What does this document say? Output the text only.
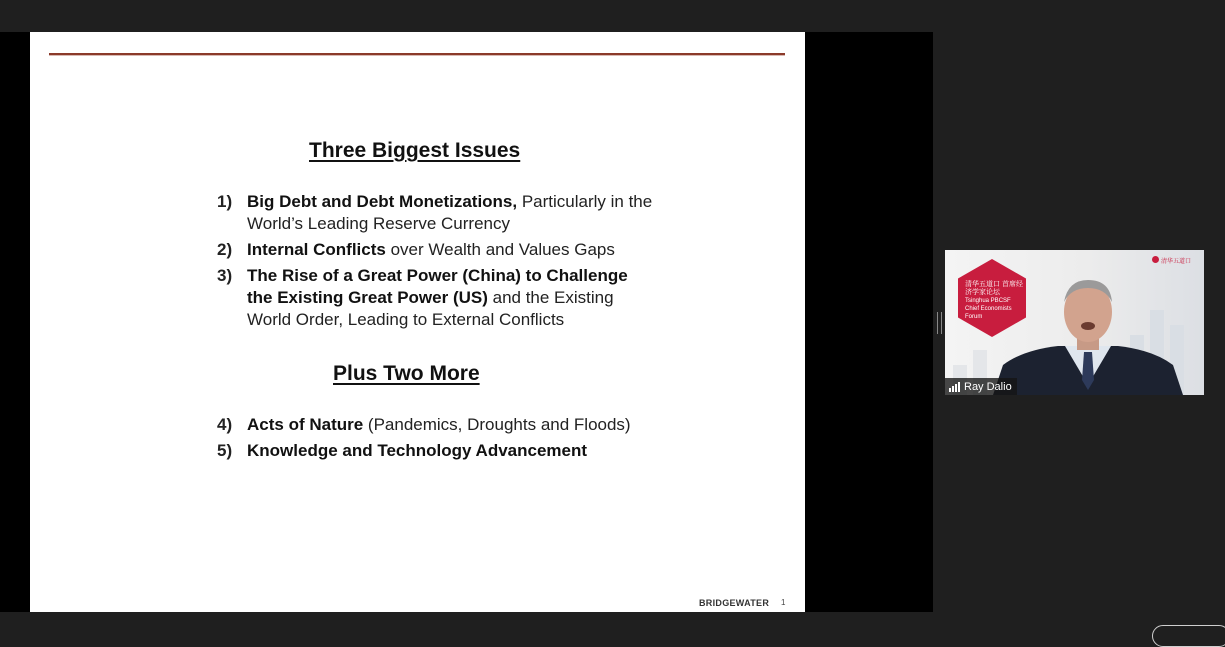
Three Biggest Issues
1) Big Debt and Debt Monetizations, Particularly in the World’s Leading Reserve Currency
2) Internal Conflicts over Wealth and Values Gaps
3) The Rise of a Great Power (China) to Challenge the Existing Great Power (US) and the Existing World Order, Leading to External Conflicts
Plus Two More
4) Acts of Nature (Pandemics, Droughts and Floods)
5) Knowledge and Technology Advancement
BRIDGEWATER 1
清华五道口
清华五道口 首席经济学家论坛
Tsinghua PBCSF Chief Economists Forum
Ray Dalio
